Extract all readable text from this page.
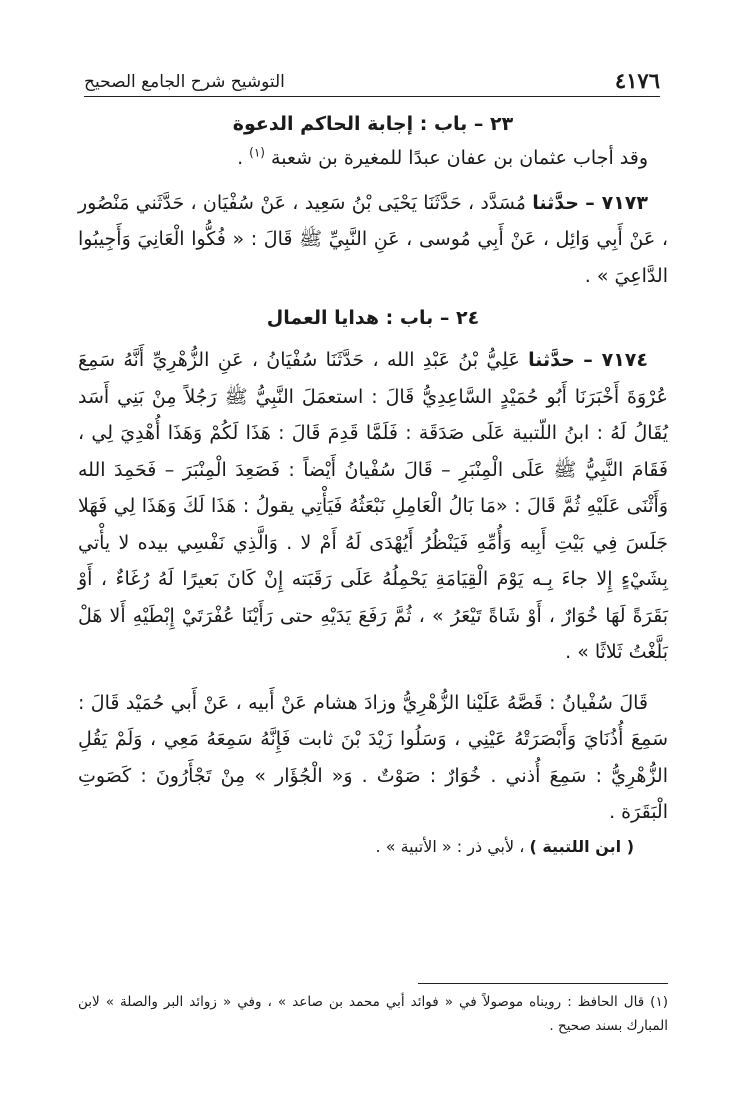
٤١٧٦
التوشيح شرح الجامع الصحيح
٢٣ – باب : إجابة الحاكم الدعوة

وقد أجاب عثمان بن عفان عبدًا للمغيرة بن شعبة $^{(١)}$ .

٧١٧٣ – حدَّثنا مُسَدَّد ، حَدَّثَنَا يَحْيَى بْنُ سَعِيد ، عَنْ سُفْيَان ، حَدَّثَني مَنْصُور ، عَنْ أَبِي وَائِل ، عَنْ أَبِي مُوسى ، عَنِ النَّبِيِّ ﷺ قَالَ : « فُكُّوا الْعَانِيَ وَأَجِيبُوا الدَّاعِيَ » .

٢٤ – باب : هدايا العمال

٧١٧٤ – حدَّثنا عَلِيُّ بْنُ عَبْدِ الله ، حَدَّثَنَا سُفْيَانُ ، عَنِ الزُّهْرِيِّ أَنَّهُ سَمِعَ عُرْوَةَ أَخْبَرَنَا أَبُو حُمَيْدٍ السَّاعِدِيُّ قَالَ : استعمَلَ النَّبِيُّ ﷺ رَجُلاً مِنْ بَنِي أَسَد يُقَالُ لَهُ : ابنُ اللّتبية عَلَى صَدَقَة : فَلَمَّا قَدِمَ قَالَ : هَذَا لَكُمْ وَهَذَا أُهْدِيَ لِي ، فَقَامَ النَّبِيُّ ﷺ عَلَى الْمِنْبَرِ – قَالَ سُفْيانُ أَيْضاً : فَصَعِدَ الْمِنْبَرَ – فَحَمِدَ الله وَأَثْنَى عَلَيْهِ ثُمَّ قَالَ : «مَا بَالُ الْعَامِلِ نَبْعَثُهُ فَيَأْتِي يقولُ : هَذَا لَكَ وَهَذَا لِي فَهَلا جَلَسَ فِي بَيْتِ أَبِيه وَأُمِّهِ فَيَنْظُرُ أَيُهْدَى لَهُ أَمْ لا . وَالَّذِي نَفْسِي بيده لا يأْتي بِشَيْءٍ إِلا جاءَ بِـه يَوْمَ الْقِيَامَةِ يَحْمِلُهُ عَلَى رَقَبَته إِنْ كَانَ بَعيرًا لَهُ رُغَاءٌ ، أَوْ بَقَرَةً لَهَا خُوَارٌ ، أَوْ شَاةً تَيْعَرُ » ، ثُمَّ رَفَعَ يَدَيْهِ حتى رَأَيْنَا عُفْرَتَيْ إِبْطَيْهِ أَلا هَلْ بَلَّغْتُ ثَلاثًا » .

قَالَ سُفْيانُ : قَصَّهُ عَلَيْنا الزُّهْرِيُّ وزادَ هشام عَنْ أَبيه ، عَنْ أَبي حُمَيْد قَالَ : سَمِعَ أُذُنَايَ وَأَبْصَرَتْهُ عَيْنِي ، وَسَلُوا زَيْدَ بْنَ ثابت فَإِنَّهُ سَمِعَهُ مَعِي ، وَلَمْ يَقُلِ الزُّهْرِيُّ : سَمِعَ أُذني . خُوَارٌ : صَوْتٌ . وَ« الْجُؤَار » مِنْ تَجْأَرُونَ : كَصَوتِ الْبَقَرَة .

( ابن اللتبية ) ، لأبي ذر : « الأتبية » .

(١) قال الحافظ : رويناه موصولاً في « فوائد أبي محمد بن صاعد » ، وفي « زوائد البر والصلة » لابن المبارك بسند صحيح .
